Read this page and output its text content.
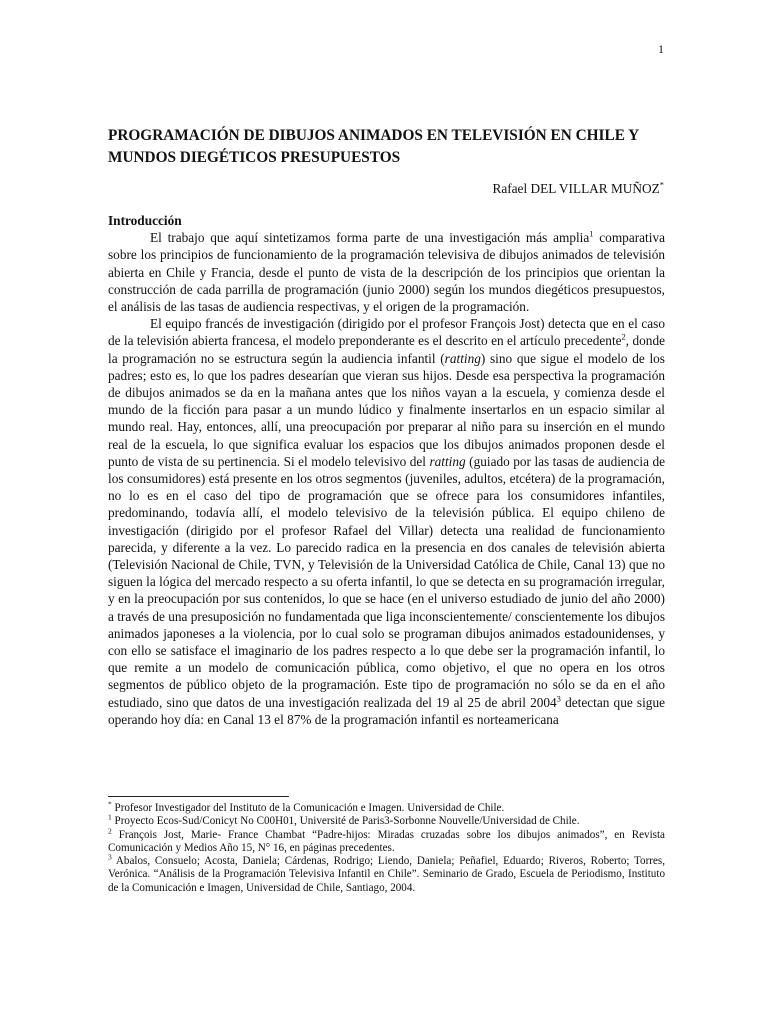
1
PROGRAMACIÓN DE DIBUJOS ANIMADOS EN TELEVISIÓN EN CHILE Y MUNDOS DIEGÉTICOS PRESUPUESTOS
Rafael DEL VILLAR MUÑOZ*
Introducción

El trabajo que aquí sintetizamos forma parte de una investigación más amplia$^1$ comparativa sobre los principios de funcionamiento de la programación televisiva de dibujos animados de televisión abierta en Chile y Francia, desde el punto de vista de la descripción de los principios que orientan la construcción de cada parrilla de programación (junio 2000) según los mundos diegéticos presupuestos, el análisis de las tasas de audiencia respectivas, y el origen de la programación.

El equipo francés de investigación (dirigido por el profesor François Jost) detecta que en el caso de la televisión abierta francesa, el modelo preponderante es el descrito en el artículo precedente$^2$, donde la programación no se estructura según la audiencia infantil (ratting) sino que sigue el modelo de los padres; esto es, lo que los padres desearían que vieran sus hijos. Desde esa perspectiva la programación de dibujos animados se da en la mañana antes que los niños vayan a la escuela, y comienza desde el mundo de la ficción para pasar a un mundo lúdico y finalmente insertarlos en un espacio similar al mundo real. Hay, entonces, allí, una preocupación por preparar al niño para su inserción en el mundo real de la escuela, lo que significa evaluar los espacios que los dibujos animados proponen desde el punto de vista de su pertinencia. Si el modelo televisivo del ratting (guiado por las tasas de audiencia de los consumidores) está presente en los otros segmentos (juveniles, adultos, etcétera) de la programación, no lo es en el caso del tipo de programación que se ofrece para los consumidores infantiles, predominando, todavía allí, el modelo televisivo de la televisión pública. El equipo chileno de investigación (dirigido por el profesor Rafael del Villar) detecta una realidad de funcionamiento parecida, y diferente a la vez. Lo parecido radica en la presencia en dos canales de televisión abierta (Televisión Nacional de Chile, TVN, y Televisión de la Universidad Católica de Chile, Canal 13) que no siguen la lógica del mercado respecto a su oferta infantil, lo que se detecta en su programación irregular, y en la preocupación por sus contenidos, lo que se hace (en el universo estudiado de junio del año 2000) a través de una presuposición no fundamentada que liga inconscientemente/ conscientemente los dibujos animados japoneses a la violencia, por lo cual solo se programan dibujos animados estadounidenses, y con ello se satisface el imaginario de los padres respecto a lo que debe ser la programación infantil, lo que remite a un modelo de comunicación pública, como objetivo, el que no opera en los otros segmentos de público objeto de la programación. Este tipo de programación no sólo se da en el año estudiado, sino que datos de una investigación realizada del 19 al 25 de abril 2004$^3$ detectan que sigue operando hoy día: en Canal 13 el 87% de la programación infantil es norteamericana

* Profesor Investigador del Instituto de la Comunicación e Imagen. Universidad de Chile.

$^1$ Proyecto Ecos-Sud/Conicyt No C00H01, Université de Paris3-Sorbonne Nouvelle/Universidad de Chile.

$^2$ François Jost, Marie- France Chambat “Padre-hijos: Miradas cruzadas sobre los dibujos animados”, en Revista Comunicación y Medios Año 15, N° 16, en páginas precedentes.

$^3$ Abalos, Consuelo; Acosta, Daniela; Cárdenas, Rodrigo; Liendo, Daniela; Peñafiel, Eduardo; Riveros, Roberto; Torres, Verónica. “Análisis de la Programación Televisiva Infantil en Chile”. Seminario de Grado, Escuela de Periodismo, Instituto de la Comunicación e Imagen, Universidad de Chile, Santiago, 2004.
